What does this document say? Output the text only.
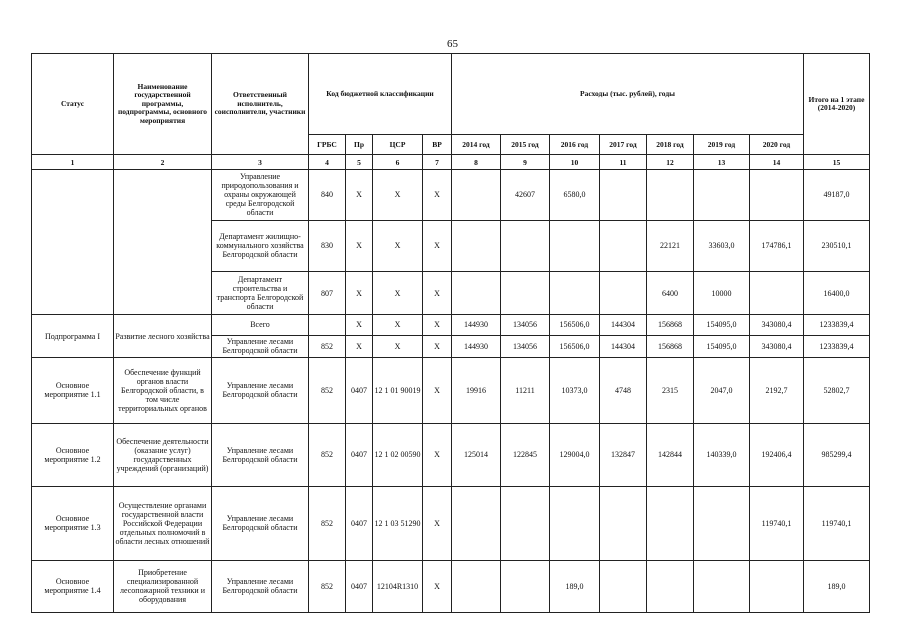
65
Статус	Наименование государственной программы, подпрограммы, основного мероприятия	Ответственный исполнитель, соисполнители, участники	Код бюджетной классификации				Расходы (тыс. рублей), годы							Итого на 1 этапе (2014-2020)
			ГРБС	Пр	ЦСР	ВР	2014 год	2015 год	2016 год	2017 год	2018 год	2019 год	2020 год	
1	2	3	4	5	6	7	8	9	10	11	12	13	14	15
		Управление природопользования и охраны окружающей среды Белгородской области	840	Х	Х	Х		42607	6580,0					49187,0
		Департамент жилищно-коммунального хозяйства Белгородской области	830	Х	Х	Х					22121	33603,0	174786,1	230510,1
		Департамент строительства и транспорта Белгородской области	807	Х	Х	Х					6400	10000		16400,0
Подпрограмма I	Развитие лесного хозяйства	Всего		Х	Х	Х	144930	134056	156506,0	144304	156868	154095,0	343080,4	1233839,4
		Управление лесами Белгородской области	852	Х	Х	Х	144930	134056	156506,0	144304	156868	154095,0	343080,4	1233839,4
Основное мероприятие 1.1	Обеспечение функций органов власти Белгородской области, в том числе территориальных органов	Управление лесами Белгородской области	852	0407	12 1 01 90019	Х	19916	11211	10373,0	4748	2315	2047,0	2192,7	52802,7
Основное мероприятие 1.2	Обеспечение деятельности (оказание услуг) государственных учреждений (организаций)	Управление лесами Белгородской области	852	0407	12 1 02 00590	Х	125014	122845	129004,0	132847	142844	140339,0	192406,4	985299,4
Основное мероприятие 1.3	Осуществление органами государственной власти Российской Федерации отдельных полномочий в области лесных отношений	Управление лесами Белгородской области	852	0407	12 1 03 51290	Х							119740,1	119740,1
Основное мероприятие 1.4	Приобретение специализированной лесопожарной техники и оборудования	Управление лесами Белгородской области	852	0407	12104R1310	Х			189,0					189,0
